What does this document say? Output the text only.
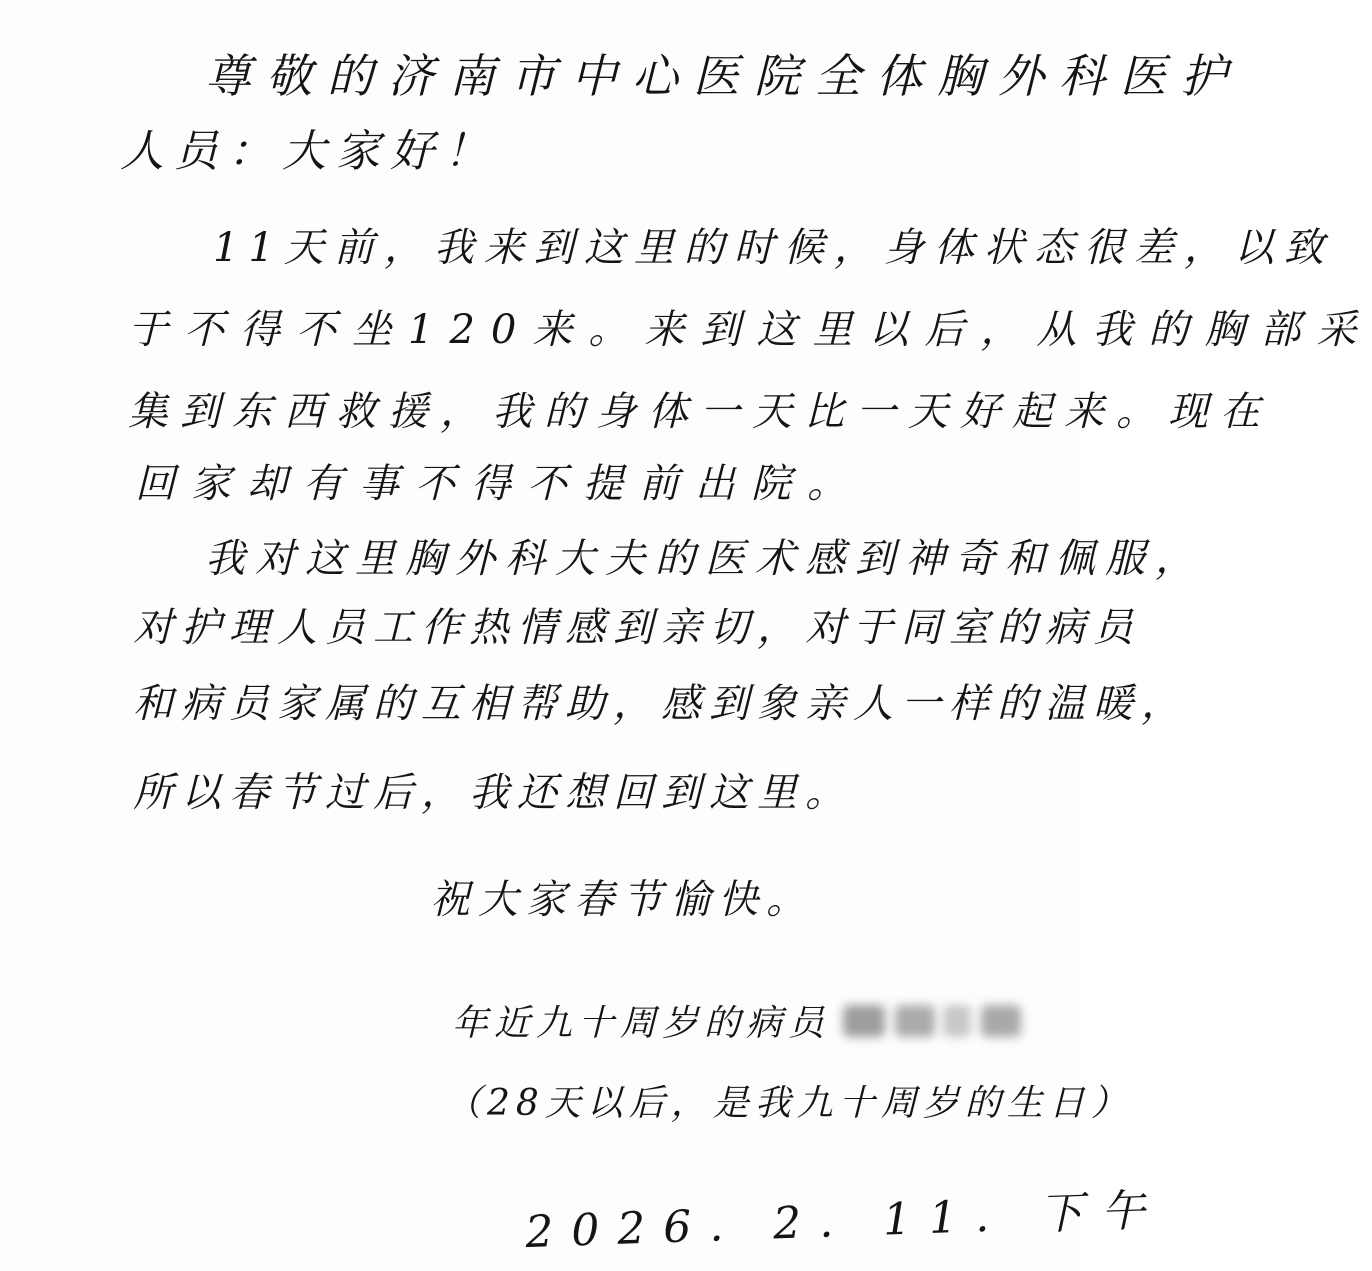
尊敬的济南市中心医院全体胸外科医护
人员：大家好！
11天前，我来到这里的时候，身体状态很差，以致
于不得不坐120来。来到这里以后，从我的胸部采
集到东西救援，我的身体一天比一天好起来。现在
回家却有事不得不提前出院。
我对这里胸外科大夫的医术感到神奇和佩服，
对护理人员工作热情感到亲切，对于同室的病员
和病员家属的互相帮助，感到象亲人一样的温暖，
所以春节过后，我还想回到这里。
祝大家春节愉快。
年近九十周岁的病员
（28天以后，是我九十周岁的生日）
2026. 2. 11. 下午
